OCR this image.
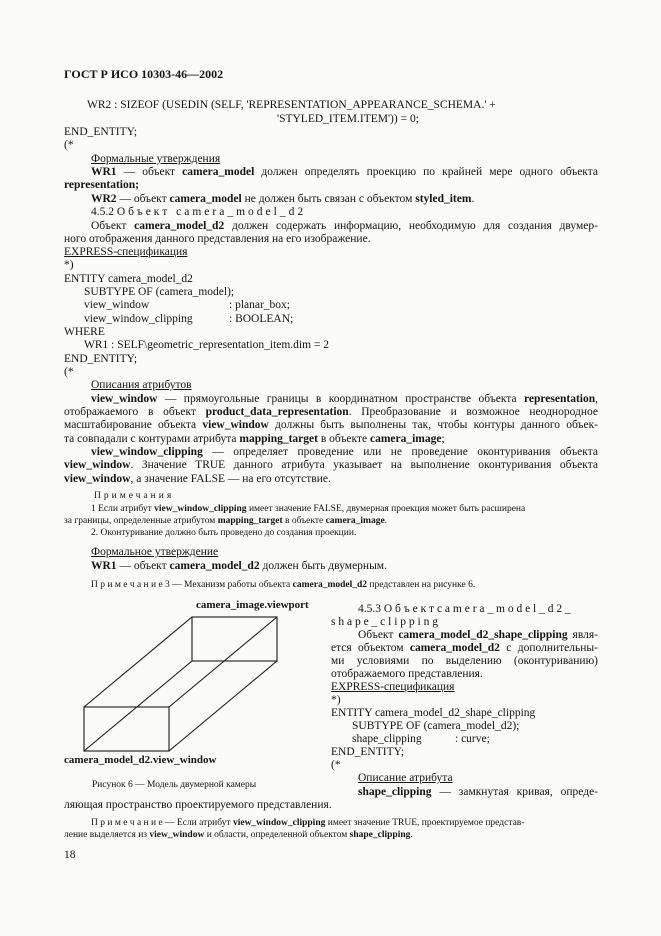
ГОСТ Р ИСО 10303-46—2002
WR2 : SIZEOF (USEDIN (SELF, 'REPRESENTATION_APPEARANCE_SCHEMA.' +
'STYLED_ITEM.ITEM')) = 0;
END_ENTITY;
(*
Формальные утверждения
WR1 — объект camera_model должен определять проекцию по крайней мере одного объекта
representation;
WR2 — объект camera_model не должен быть связан с объектом styled_item.
4.5.2 Объект camera_model_d2
Объект camera_model_d2 должен содержать информацию, необходимую для создания двумер-
ного отображения данного представления на его изображение.
EXPRESS-спецификация
*)
ENTITY camera_model_d2
SUBTYPE OF (camera_model);
view_window	: planar_box;
view_window_clipping	: BOOLEAN;
WHERE
WR1 : SELF\geometric_representation_item.dim = 2
END_ENTITY;
(*
Описания атрибутов
view_window — прямоугольные границы в координатном пространстве объекта representation,
отображаемого в объект product_data_representation. Преобразование и возможное неоднородное
масштабирование объекта view_window должны быть выполнены так, чтобы контуры данного объек-
та совпадали с контурами атрибута mapping_target в объекте camera_image;
view_window_clipping — определяет проведение или не проведение оконтуривания объекта
view_window. Значение TRUE данного атрибута указывает на выполнение оконтуривания объекта
view_window, а значение FALSE — на его отсутствие.
Примечания
1 Если атрибут view_window_clipping имеет значение FALSE, двумерная проекция может быть расширена
за границы, определенные атрибутом mapping_target в объекте camera_image.
2. Оконтуривание должно быть проведено до создания проекции.
Формальное утверждение
WR1 — объект camera_model_d2 должен быть двумерным.
П р и м е ч а н и е 3 — Механизм работы объекта camera_model_d2 представлен на рисунке 6.
camera_image.viewport
camera_model_d2.view_window
Рисунок 6 — Модель двумерной камеры
4.5.3 О б ъ е к т c a m e r a _ m o d e l _ d 2 _
s h a p e _ c l i p p i n g
Объект camera_model_d2_shape_clipping явля-
ется объектом camera_model_d2 с дополнительны-
ми условиями по выделению (оконтуриванию)
отображаемого представления.
EXPRESS-спецификация
*)
ENTITY camera_model_d2_shape_clipping
SUBTYPE OF (camera_model_d2);
shape_clipping	: curve;
END_ENTITY;
(*
Описание атрибута
shape_clipping — замкнутая кривая, опреде-
ляющая пространство проектируемого представления.
П р и м е ч а н и е — Если атрибут view_window_clipping имеет значение TRUE, проектируемое представ-
ление выделяется из view_window и области, определенной объектом shape_clipping.
18
